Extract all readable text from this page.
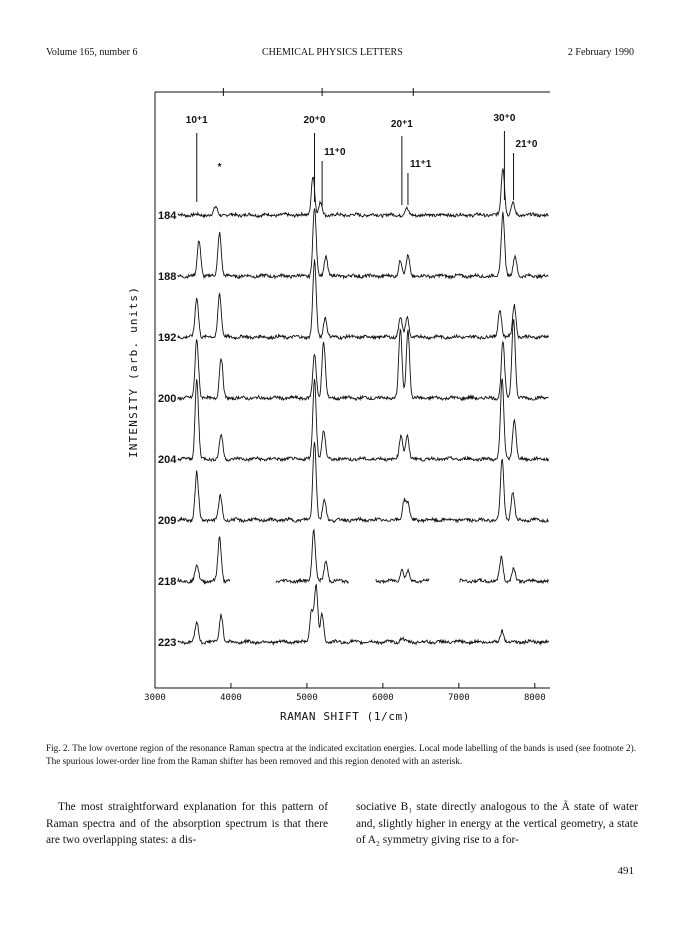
Volume 165, number 6	CHEMICAL PHYSICS LETTERS	2 February 1990
184
188
192
200
204
209
218
223
10⁺1	20⁺0	20⁺1
30⁺0
11⁺0
11⁺1
21⁺0
*
3000	4000	5000	6000	7000	8000
INTENSITY (arb. units)
RAMAN SHIFT (1/cm)
Fig. 2. The low overtone region of the resonance Raman spectra at the indicated excitation energies. Local mode labelling of the bands is used (see footnote 2). The spurious lower-order line from the Raman shifter has been removed and this region denoted with an asterisk.

The most straightforward explanation for this pattern of Raman spectra and of the absorption spectrum is that there are two overlapping states: a dis-

sociative B₁ state directly analogous to the Ã state of water and, slightly higher in energy at the vertical geometry, a state of A₂ symmetry giving rise to a for-

491
